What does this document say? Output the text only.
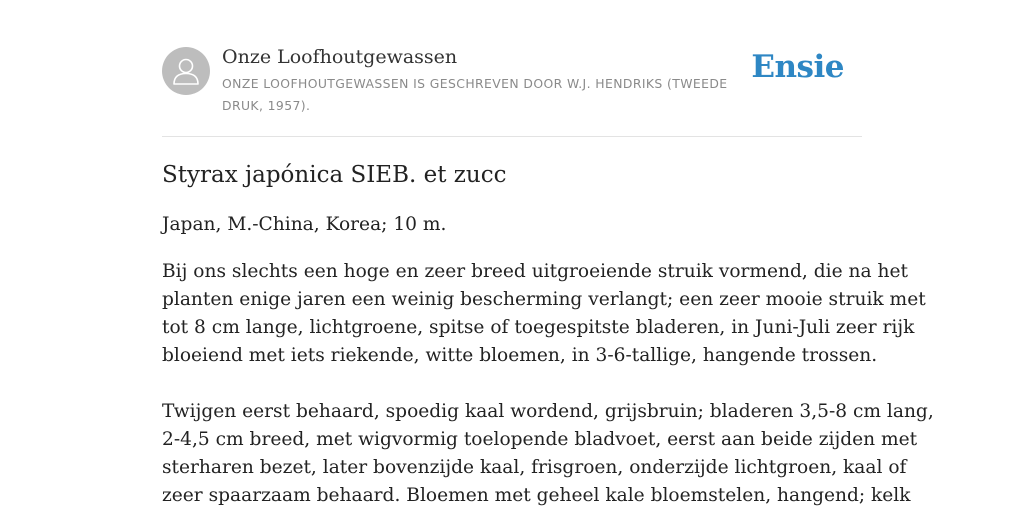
Onze Loofhoutgewassen
ONZE LOOFHOUTGEWASSEN IS GESCHREVEN DOOR W.J. HENDRIKS (TWEEDE DRUK, 1957).
Ensie
Styrax japónica SIEB. et zucc
Japan, M.-China, Korea; 10 m.
Bij ons slechts een hoge en zeer breed uitgroeiende struik vormend, die na het
planten enige jaren een weinig bescherming verlangt; een zeer mooie struik met
tot 8 cm lange, lichtgroene, spitse of toegespitste bladeren, in Juni-Juli zeer rijk
bloeiend met iets riekende, witte bloemen, in 3-6-tallige, hangende trossen.
Twijgen eerst behaard, spoedig kaal wordend, grijsbruin; bladeren 3,5-8 cm lang,
2-4,5 cm breed, met wigvormig toelopende bladvoet, eerst aan beide zijden met
sterharen bezet, later bovenzijde kaal, frisgroen, onderzijde lichtgroen, kaal of
zeer spaarzaam behaard. Bloemen met geheel kale bloemstelen, hangend; kelk
